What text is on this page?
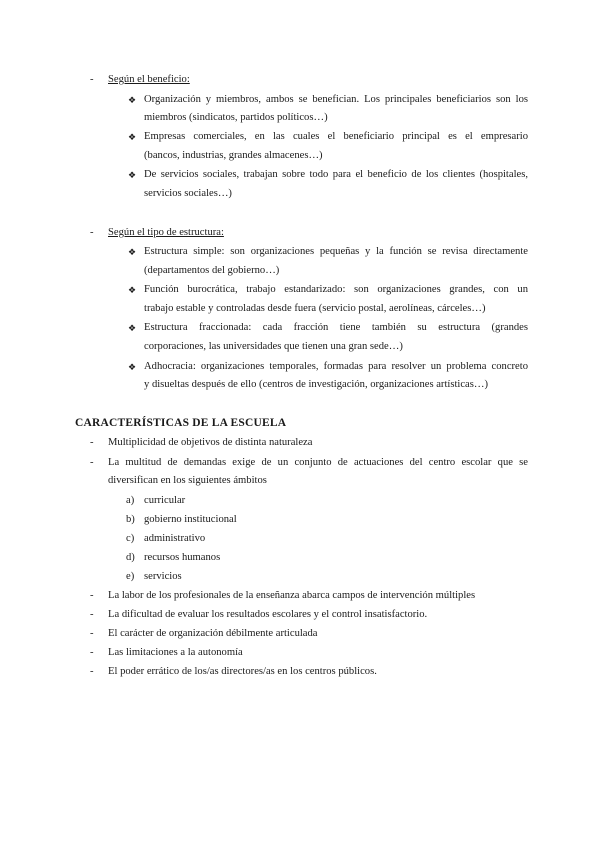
- Según el beneficio:
❖ Organización y miembros, ambos se benefician. Los principales beneficiarios son los
miembros (sindicatos, partidos políticos…)
❖ Empresas comerciales, en las cuales el beneficiario principal es el empresario
(bancos, industrias, grandes almacenes…)
❖ De servicios sociales, trabajan sobre todo para el beneficio de los clientes (hospitales,
servicios sociales…)
- Según el tipo de estructura:
❖ Estructura simple: son organizaciones pequeñas y la función se revisa directamente
(departamentos del gobierno…)
❖ Función burocrática, trabajo estandarizado: son organizaciones grandes, con un
trabajo estable y controladas desde fuera (servicio postal, aerolíneas, cárceles…)
❖ Estructura fraccionada: cada fracción tiene también su estructura (grandes
corporaciones, las universidades que tienen una gran sede…)
❖ Adhocracia: organizaciones temporales, formadas para resolver un problema concreto
y disueltas después de ello (centros de investigación, organizaciones artísticas…)
CARACTERÍSTICAS DE LA ESCUELA
- Multiplicidad de objetivos de distinta naturaleza
- La multitud de demandas exige de un conjunto de actuaciones del centro escolar que se
diversifican en los siguientes ámbitos
a) curricular
b) gobierno institucional
c) administrativo
d) recursos humanos
e) servicios
- La labor de los profesionales de la enseñanza abarca campos de intervención múltiples
- La dificultad de evaluar los resultados escolares y el control insatisfactorio.
- El carácter de organización débilmente articulada
- Las limitaciones a la autonomía
- El poder errático de los/as directores/as en los centros públicos.
